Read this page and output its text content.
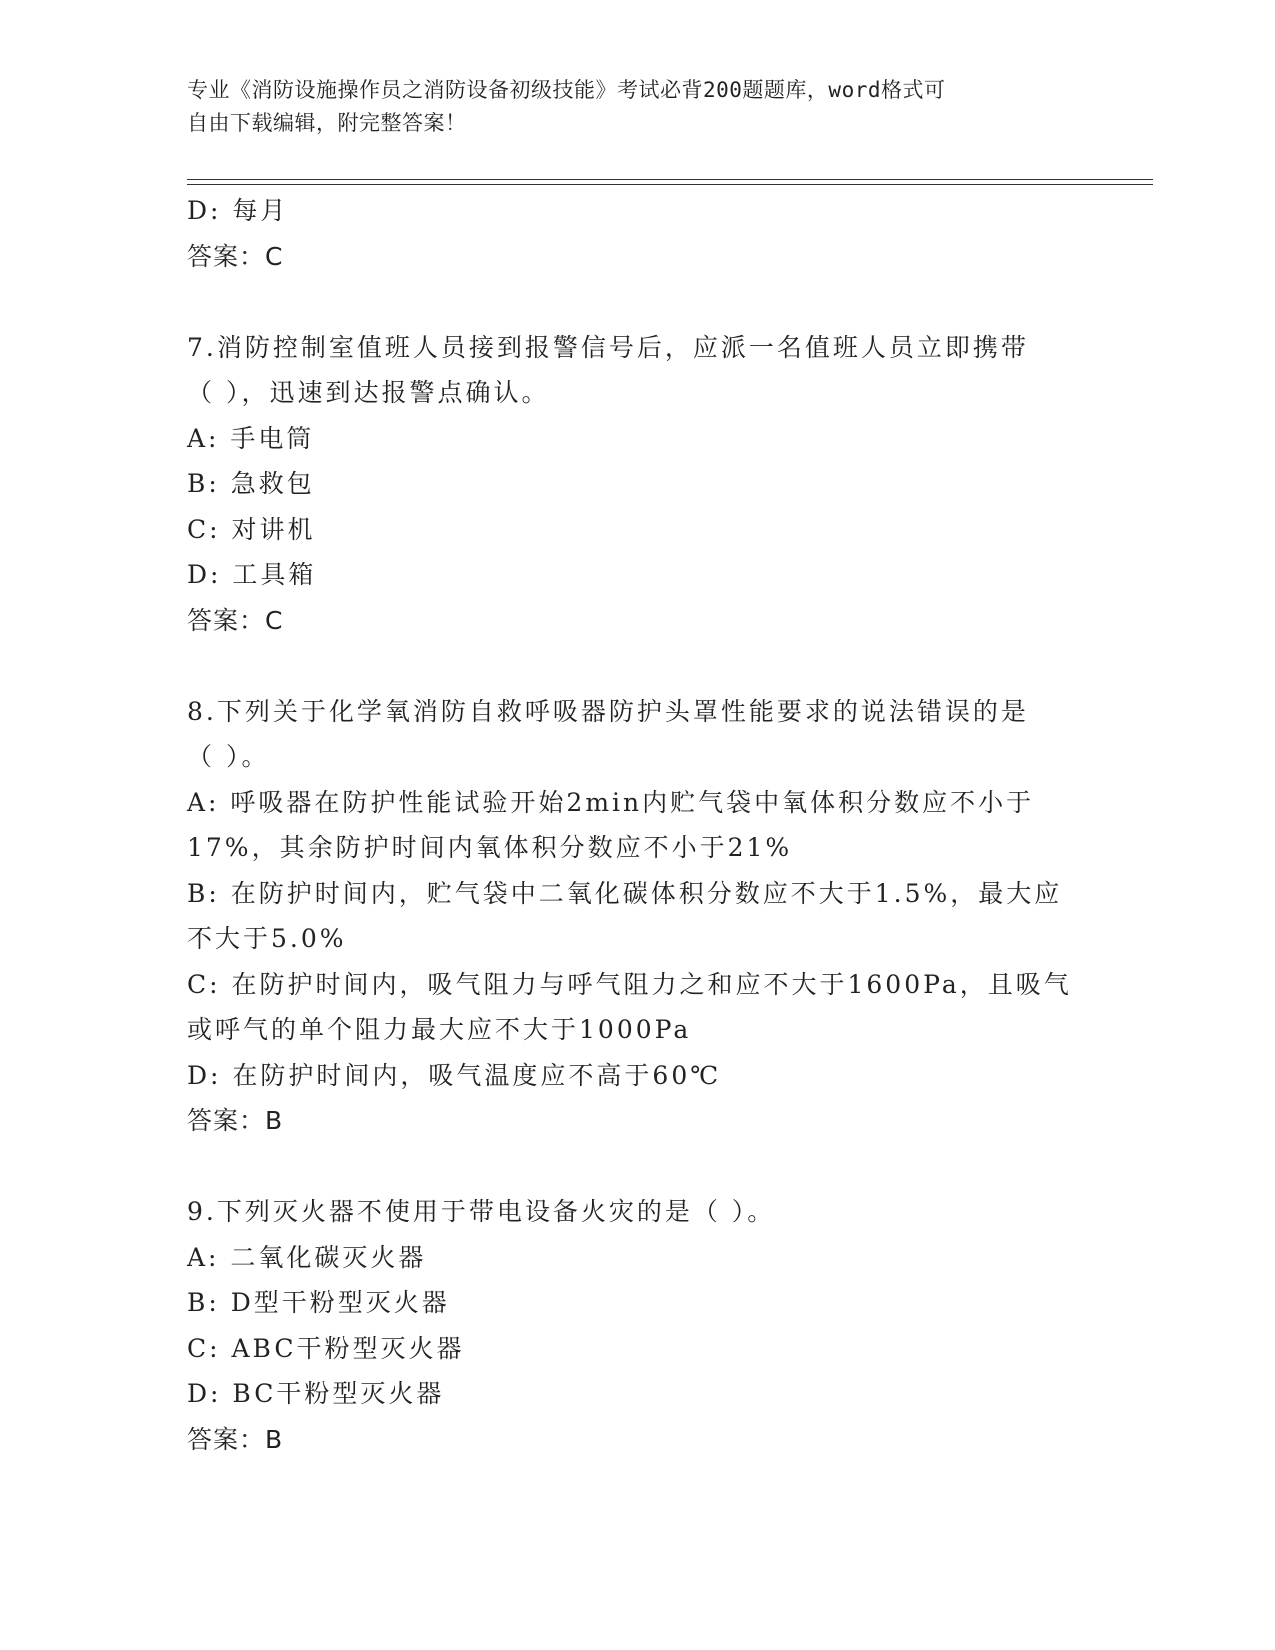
专业《消防设施操作员之消防设备初级技能》考试必背200题题库，word格式可
自由下载编辑，附完整答案！
D: 每月
答案：C
7.消防控制室值班人员接到报警信号后，应派一名值班人员立即携带
（ ），迅速到达报警点确认。
A: 手电筒
B: 急救包
C: 对讲机
D: 工具箱
答案：C
8.下列关于化学氧消防自救呼吸器防护头罩性能要求的说法错误的是
（ ）。
A: 呼吸器在防护性能试验开始2min内贮气袋中氧体积分数应不小于
17%，其余防护时间内氧体积分数应不小于21%
B: 在防护时间内，贮气袋中二氧化碳体积分数应不大于1.5%，最大应
不大于5.0%
C: 在防护时间内，吸气阻力与呼气阻力之和应不大于1600Pa，且吸气
或呼气的单个阻力最大应不大于1000Pa
D: 在防护时间内，吸气温度应不高于60℃
答案：B
9.下列灭火器不使用于带电设备火灾的是（ ）。
A: 二氧化碳灭火器
B: D型干粉型灭火器
C: ABC干粉型灭火器
D: BC干粉型灭火器
答案：B
